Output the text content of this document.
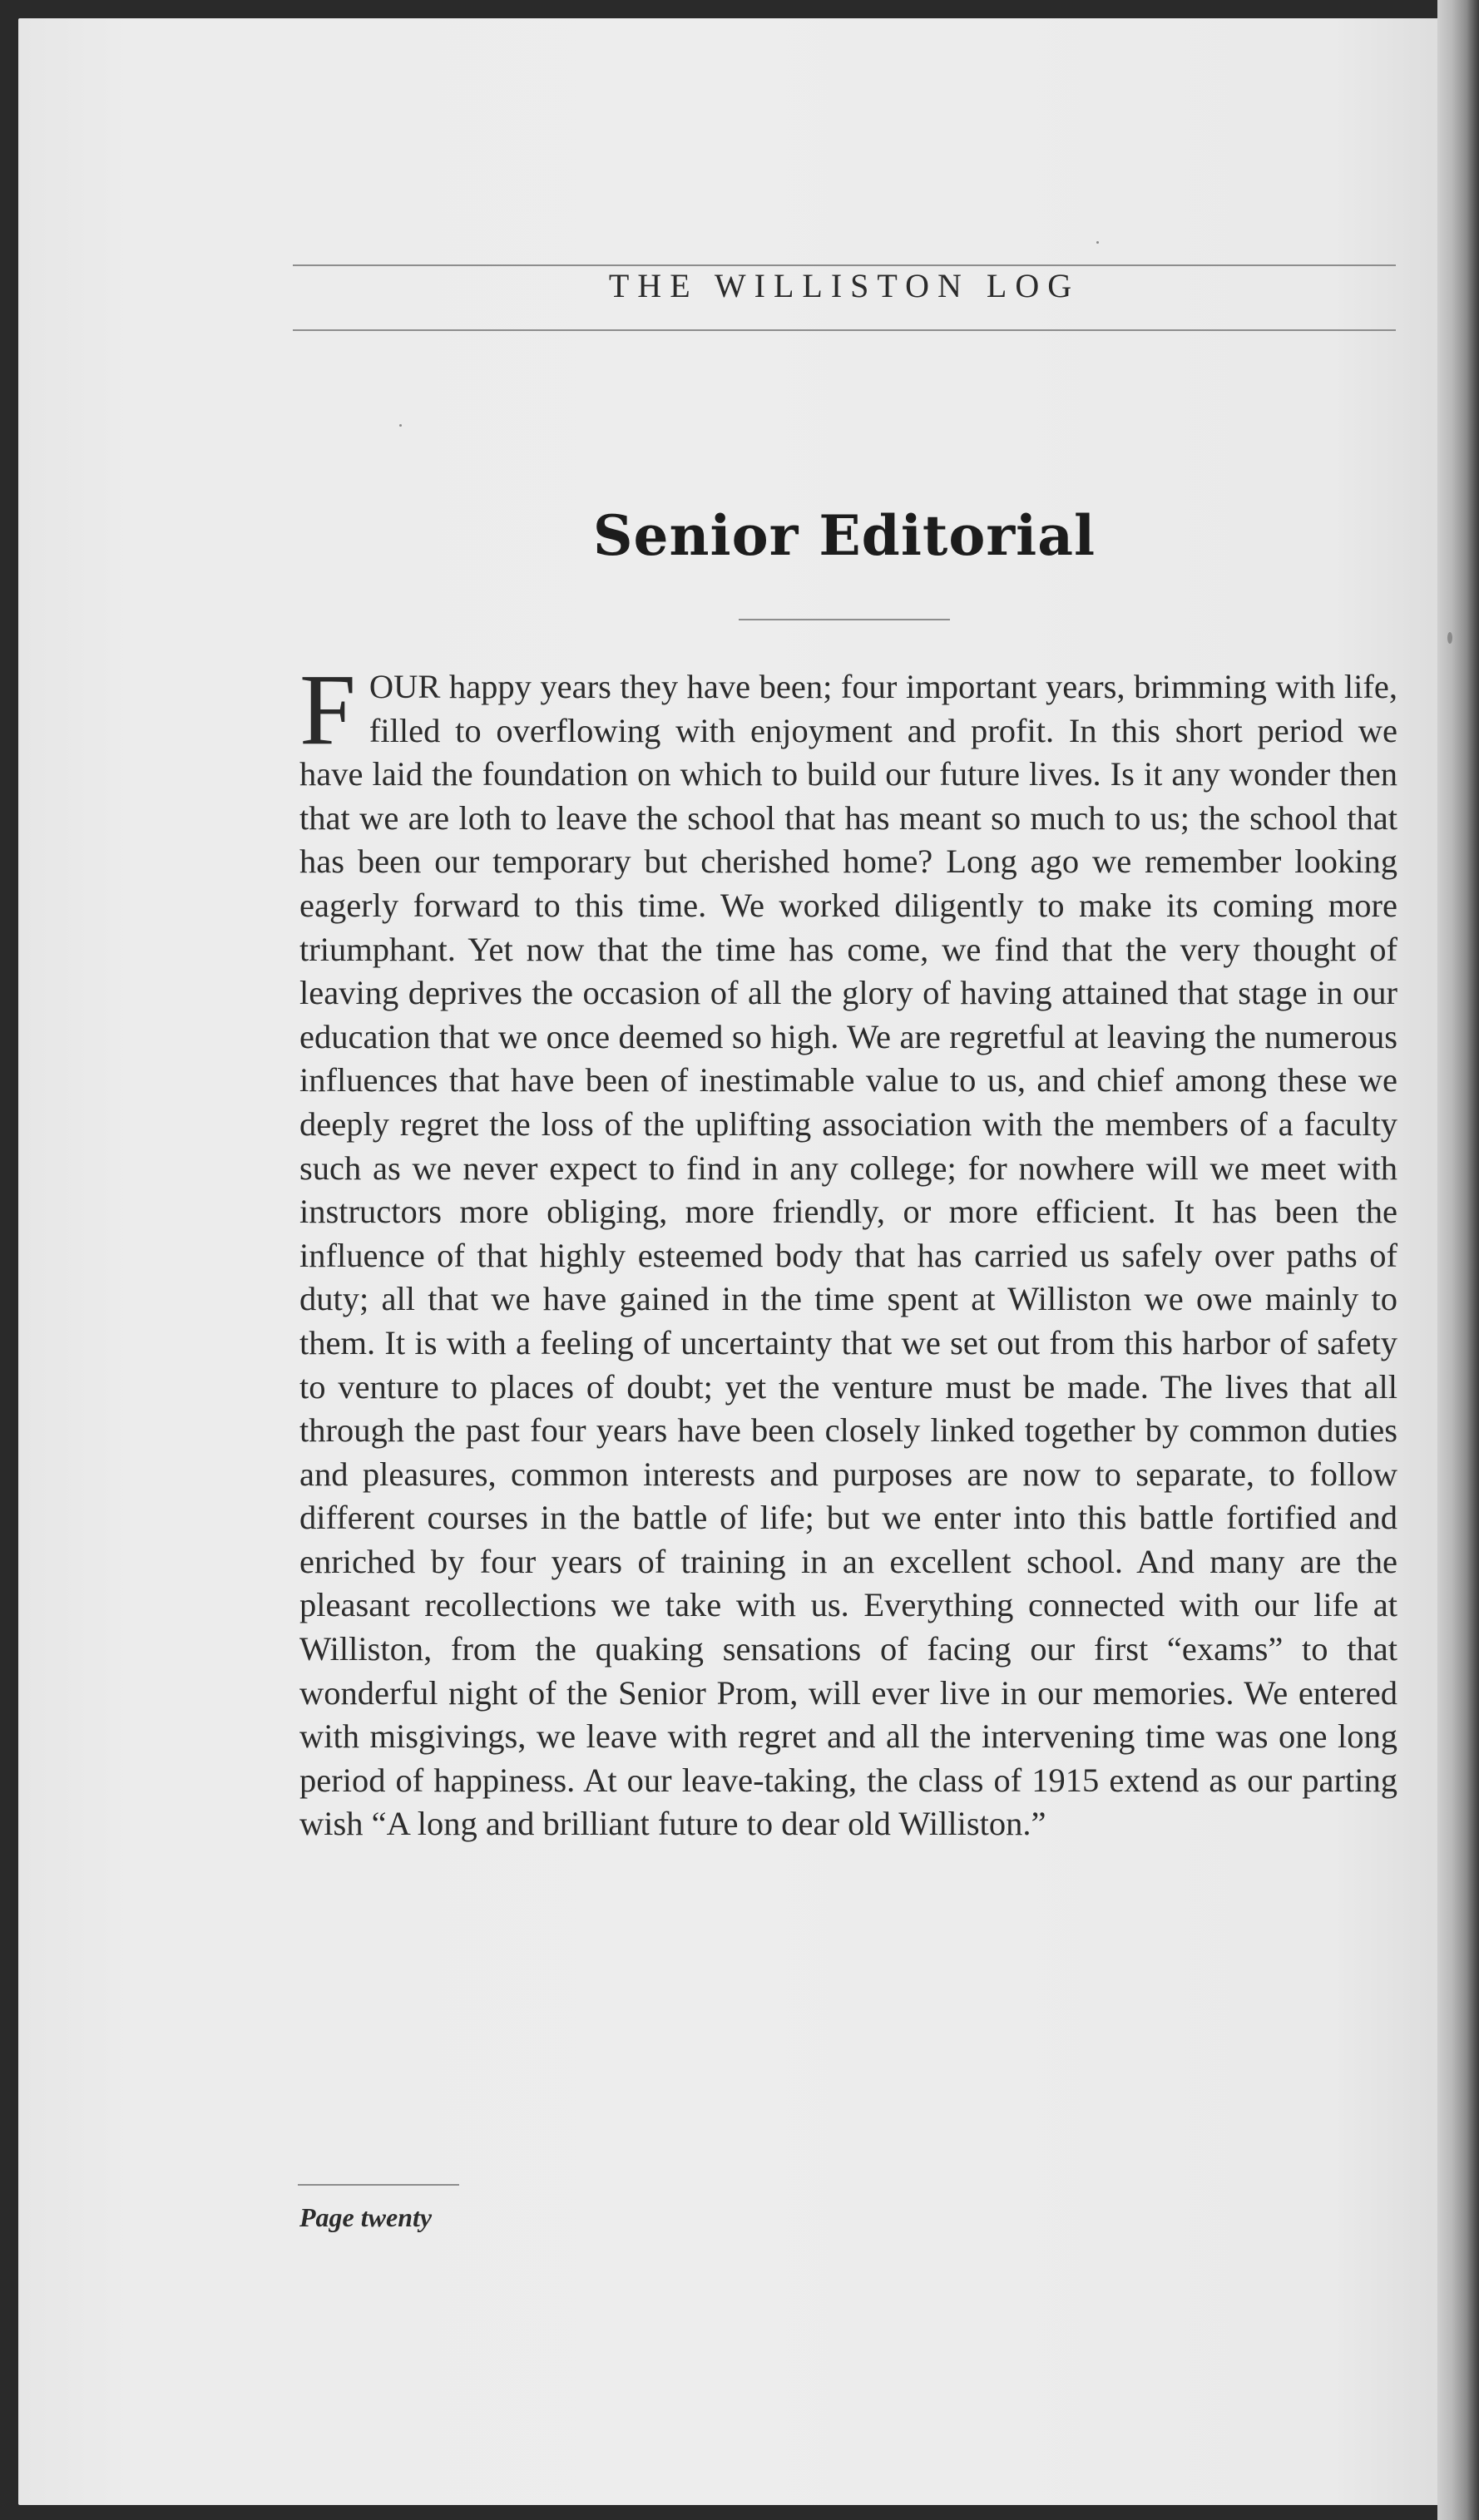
THE WILLISTON LOG
Senior Editorial
FOUR happy years they have been; four important years, brimming with life, filled to overflowing with enjoyment and profit. In this short period we have laid the foundation on which to build our future lives. Is it any wonder then that we are loth to leave the school that has meant so much to us; the school that has been our temporary but cherished home? Long ago we remember looking eagerly forward to this time. We worked diligently to make its coming more triumphant. Yet now that the time has come, we find that the very thought of leaving deprives the occasion of all the glory of having attained that stage in our education that we once deemed so high. We are regretful at leaving the numerous influences that have been of inestimable value to us, and chief among these we deeply regret the loss of the uplifting association with the members of a faculty such as we never expect to find in any college; for nowhere will we meet with instructors more obliging, more friendly, or more efficient. It has been the influence of that highly esteemed body that has carried us safely over paths of duty; all that we have gained in the time spent at Williston we owe mainly to them. It is with a feeling of uncertainty that we set out from this harbor of safety to venture to places of doubt; yet the venture must be made. The lives that all through the past four years have been closely linked together by common duties and pleasures, common interests and purposes are now to separate, to follow different courses in the battle of life; but we enter into this battle fortified and enriched by four years of training in an excellent school. And many are the pleasant recollections we take with us. Everything connected with our life at Williston, from the quaking sensations of facing our first “exams” to that wonderful night of the Senior Prom, will ever live in our memories. We entered with misgivings, we leave with regret and all the intervening time was one long period of happiness. At our leave-taking, the class of 1915 extend as our parting wish “A long and brilliant future to dear old Williston.”
Page twenty
